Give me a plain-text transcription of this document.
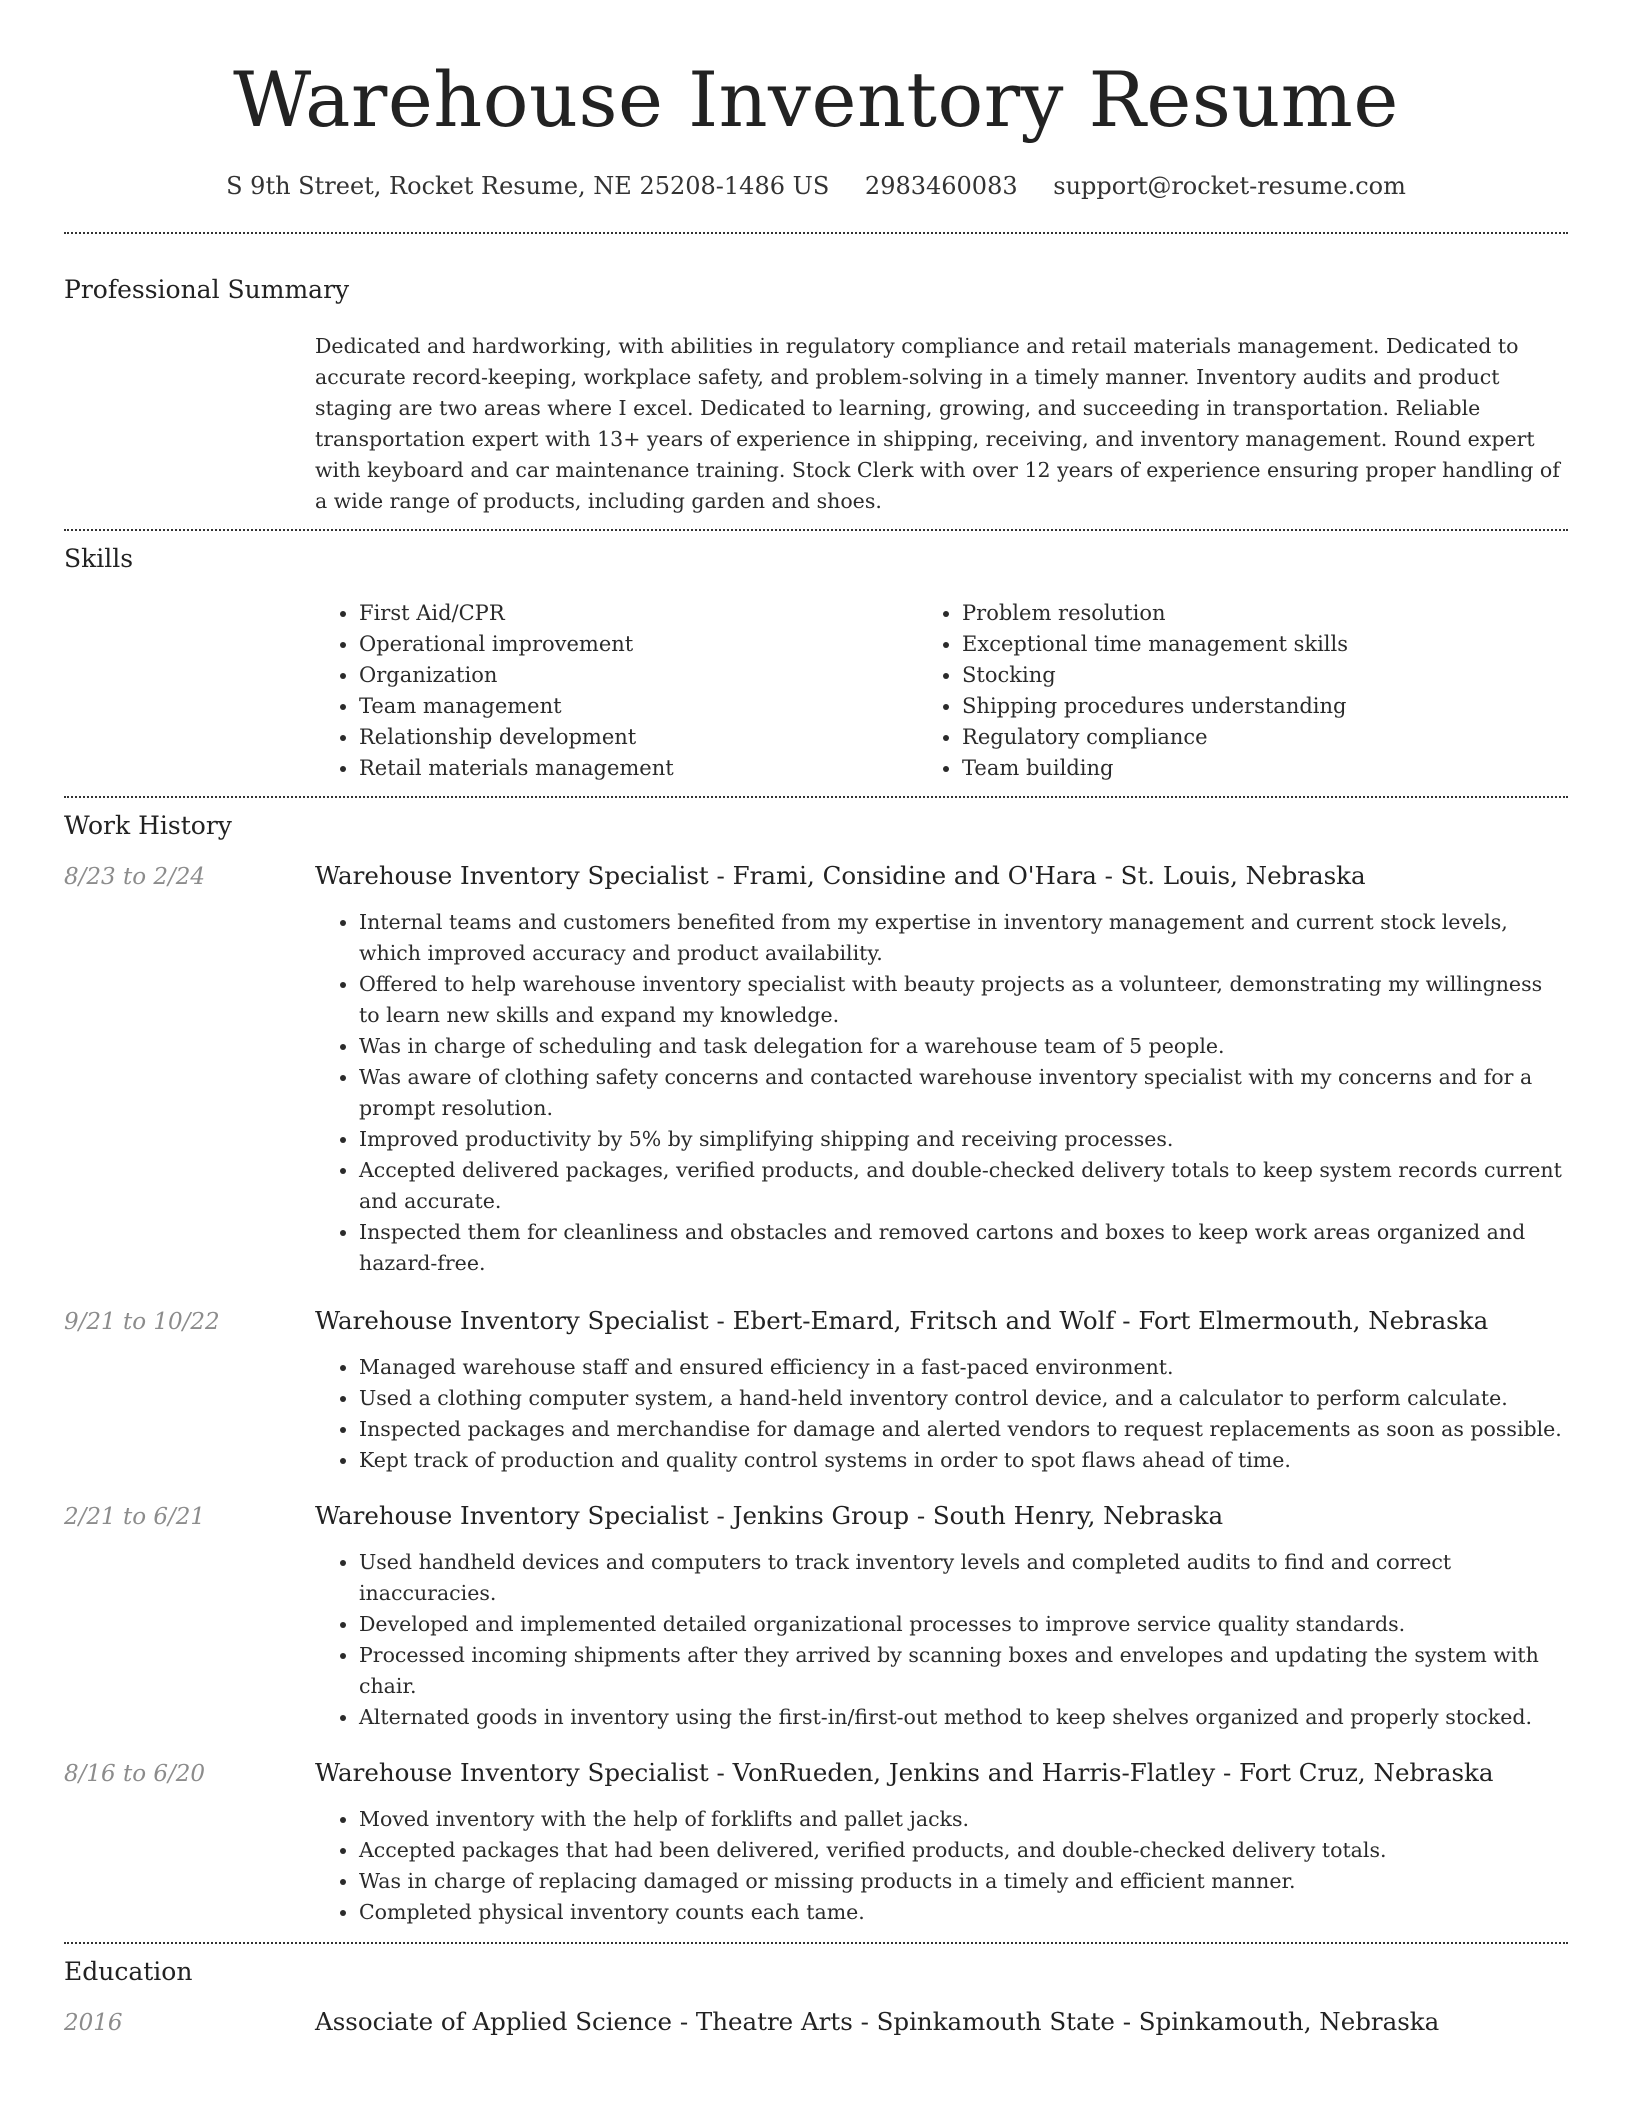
Warehouse Inventory Resume
S 9th Street, Rocket Resume, NE 25208-1486 US 2983460083 support@rocket-resume.com
Professional Summary
Dedicated and hardworking, with abilities in regulatory compliance and retail materials management. Dedicated to accurate record-keeping, workplace safety, and problem-solving in a timely manner. Inventory audits and product staging are two areas where I excel. Dedicated to learning, growing, and succeeding in transportation. Reliable transportation expert with 13+ years of experience in shipping, receiving, and inventory management. Round expert with keyboard and car maintenance training. Stock Clerk with over 12 years of experience ensuring proper handling of a wide range of products, including garden and shoes.
Skills
• First Aid/CPR
• Operational improvement
• Organization
• Team management
• Relationship development
• Retail materials management
• Problem resolution
• Exceptional time management skills
• Stocking
• Shipping procedures understanding
• Regulatory compliance
• Team building
Work History
8/23 to 2/24	Warehouse Inventory Specialist - Frami, Considine and O'Hara - St. Louis, Nebraska
• Internal teams and customers benefited from my expertise in inventory management and current stock levels, which improved accuracy and product availability.
• Offered to help warehouse inventory specialist with beauty projects as a volunteer, demonstrating my willingness to learn new skills and expand my knowledge.
• Was in charge of scheduling and task delegation for a warehouse team of 5 people.
• Was aware of clothing safety concerns and contacted warehouse inventory specialist with my concerns and for a prompt resolution.
• Improved productivity by 5% by simplifying shipping and receiving processes.
• Accepted delivered packages, verified products, and double-checked delivery totals to keep system records current and accurate.
• Inspected them for cleanliness and obstacles and removed cartons and boxes to keep work areas organized and hazard-free.
9/21 to 10/22	Warehouse Inventory Specialist - Ebert-Emard, Fritsch and Wolf - Fort Elmermouth, Nebraska
• Managed warehouse staff and ensured efficiency in a fast-paced environment.
• Used a clothing computer system, a hand-held inventory control device, and a calculator to perform calculate.
• Inspected packages and merchandise for damage and alerted vendors to request replacements as soon as possible.
• Kept track of production and quality control systems in order to spot flaws ahead of time.
2/21 to 6/21	Warehouse Inventory Specialist - Jenkins Group - South Henry, Nebraska
• Used handheld devices and computers to track inventory levels and completed audits to find and correct inaccuracies.
• Developed and implemented detailed organizational processes to improve service quality standards.
• Processed incoming shipments after they arrived by scanning boxes and envelopes and updating the system with chair.
• Alternated goods in inventory using the first-in/first-out method to keep shelves organized and properly stocked.
8/16 to 6/20	Warehouse Inventory Specialist - VonRueden, Jenkins and Harris-Flatley - Fort Cruz, Nebraska
• Moved inventory with the help of forklifts and pallet jacks.
• Accepted packages that had been delivered, verified products, and double-checked delivery totals.
• Was in charge of replacing damaged or missing products in a timely and efficient manner.
• Completed physical inventory counts each tame.
Education
2016	Associate of Applied Science - Theatre Arts - Spinkamouth State - Spinkamouth, Nebraska
